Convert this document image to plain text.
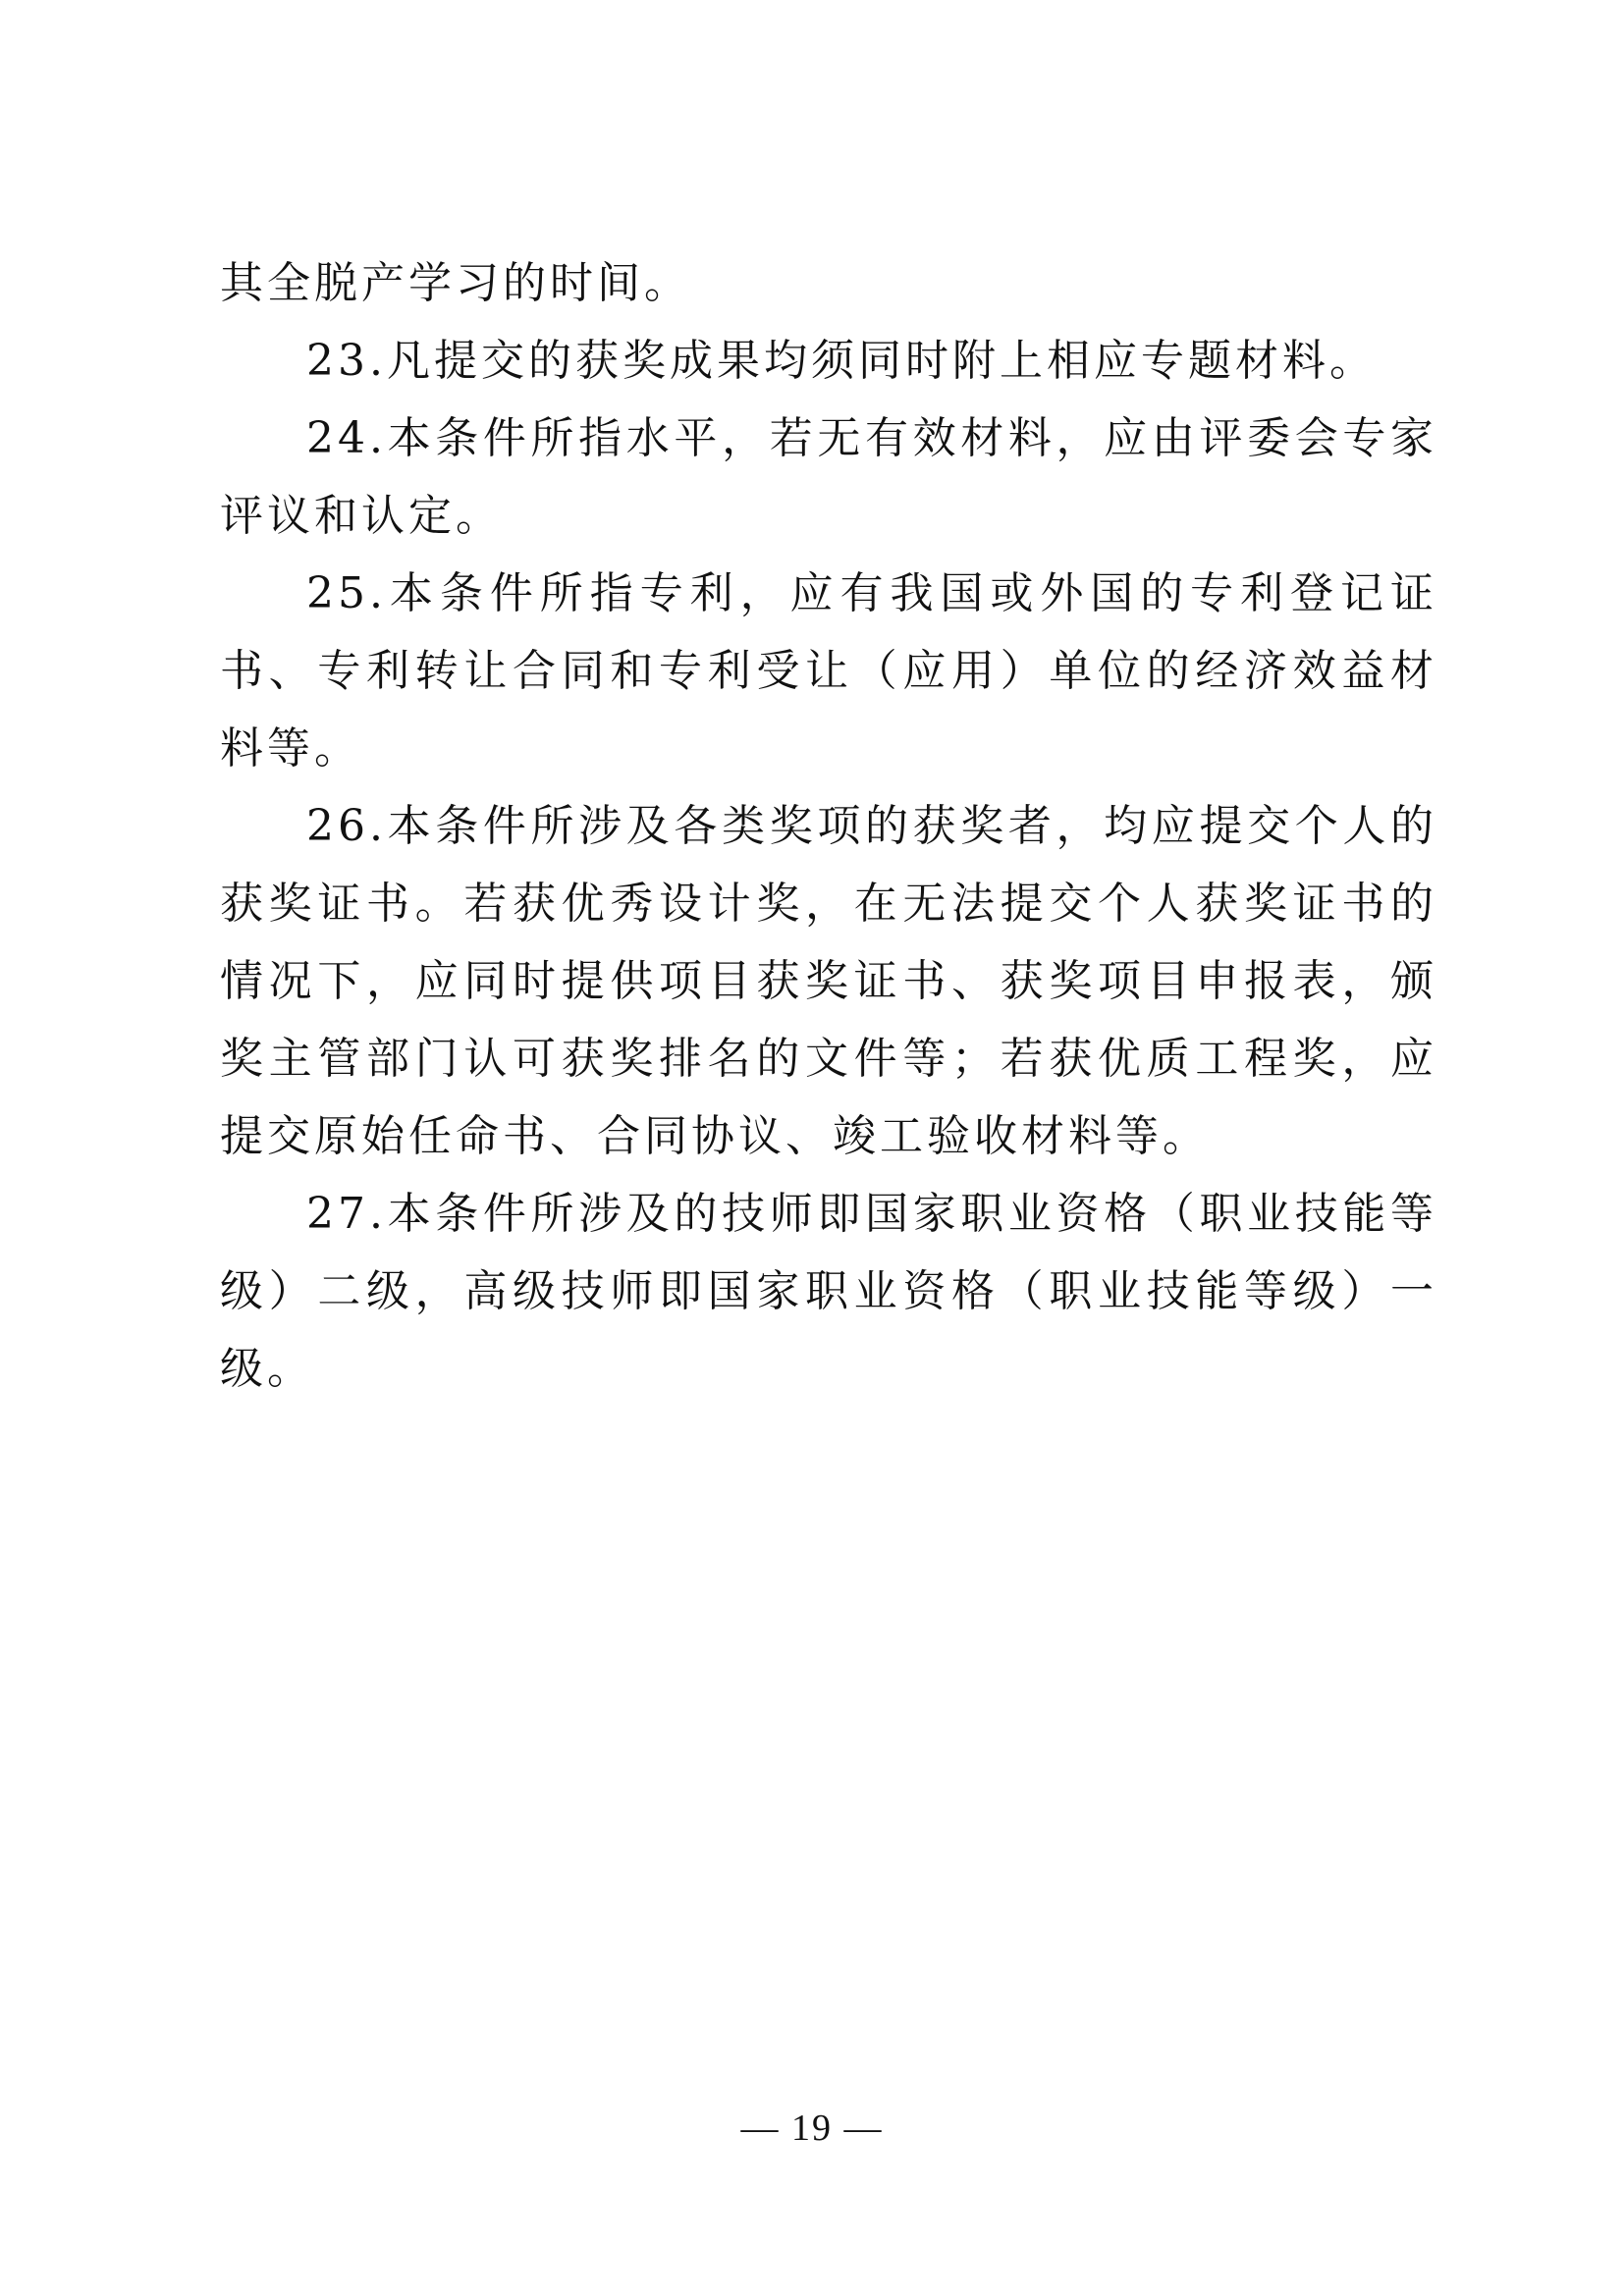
其全脱产学习的时间。

23.凡提交的获奖成果均须同时附上相应专题材料。

24.本条件所指水平，若无有效材料，应由评委会专家评议和认定。

25.本条件所指专利，应有我国或外国的专利登记证书、专利转让合同和专利受让（应用）单位的经济效益材料等。

26.本条件所涉及各类奖项的获奖者，均应提交个人的获奖证书。若获优秀设计奖，在无法提交个人获奖证书的情况下，应同时提供项目获奖证书、获奖项目申报表，颁奖主管部门认可获奖排名的文件等；若获优质工程奖，应提交原始任命书、合同协议、竣工验收材料等。

27.本条件所涉及的技师即国家职业资格（职业技能等级）二级，高级技师即国家职业资格（职业技能等级）一级。

— 19 —
